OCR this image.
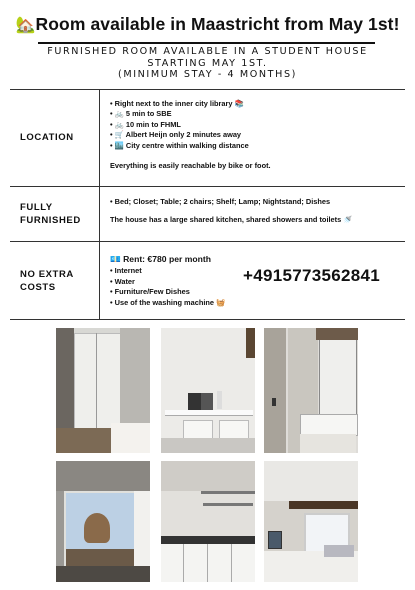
🏡Room available in Maastricht from May 1st!
FURNISHED ROOM AVAILABLE IN A STUDENT HOUSE
STARTING MAY 1ST.
(MINIMUM STAY - 4 MONTHS)
LOCATION
• Right next to the inner city library 📚
• 🚲 5 min to SBE
• 🚲 10 min to FHML
• 🛒 Albert Heijn only 2 minutes away
• 🏙️ City centre within walking distance
Everything is easily reachable by bike or foot.
FULLY
FURNISHED
• Bed; Closet; Table; 2 chairs; Shelf; Lamp; Nightstand; Dishes
The house has a large shared kitchen, shared showers and toilets 🚿
NO EXTRA
COSTS
💶 Rent: €780 per month
• Internet
• Water
• Furniture/Few Dishes
• Use of the washing machine 🧺
+4915773562841
